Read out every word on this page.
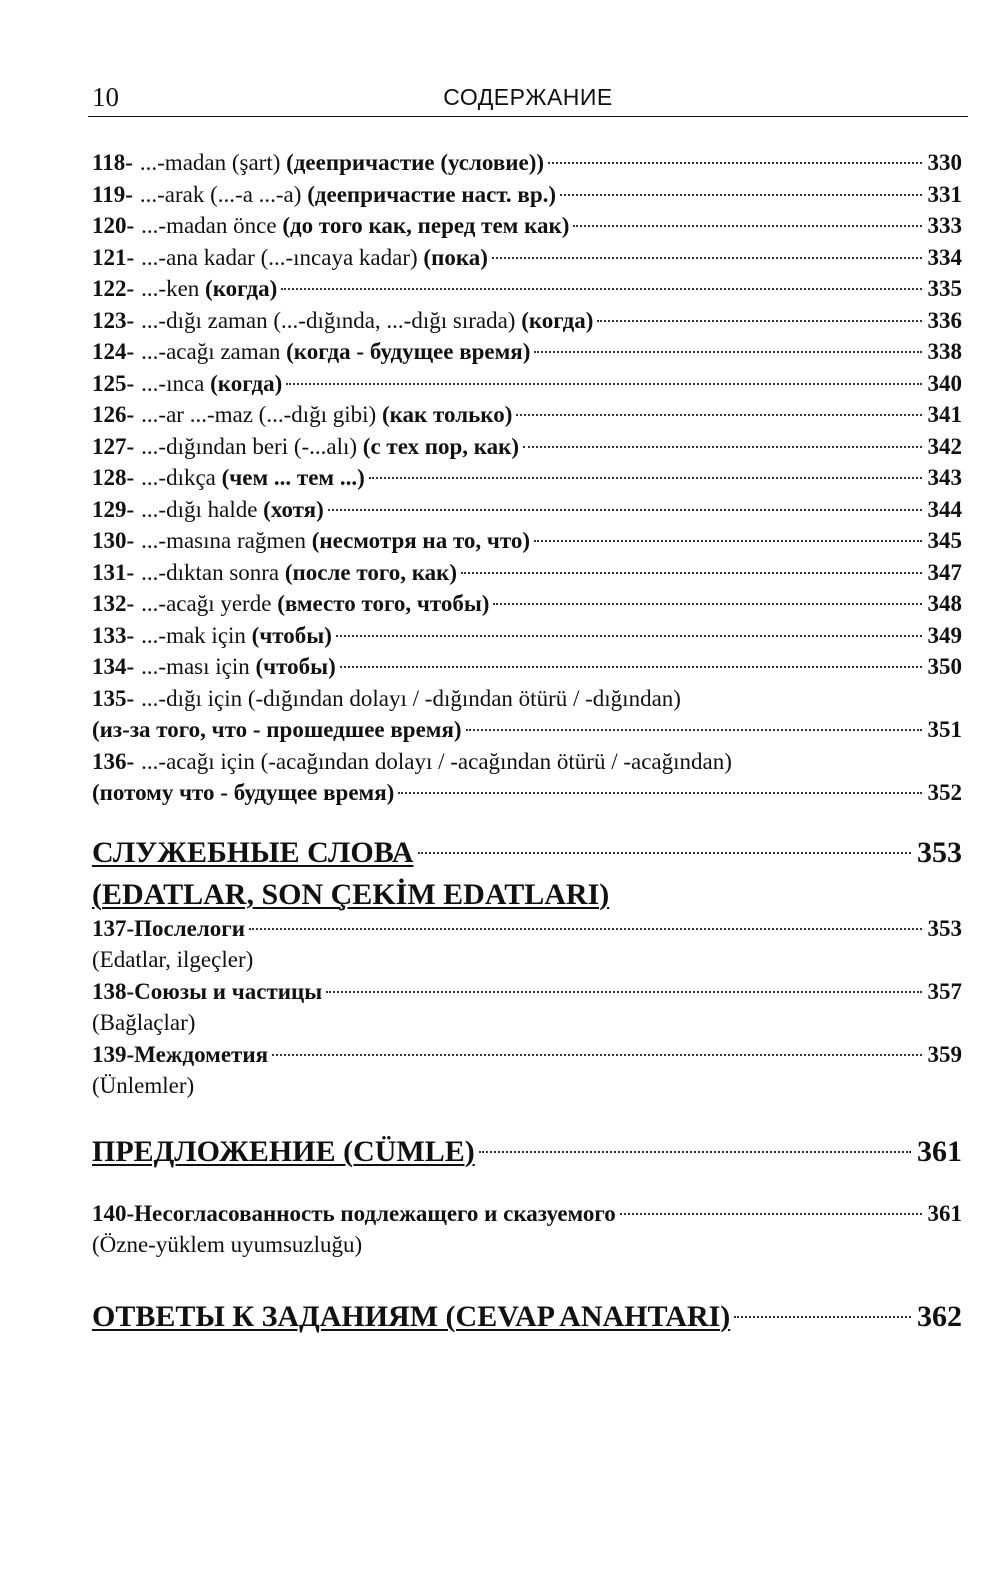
10	СОДЕРЖАНИЕ
118- ...-madan (şart) (деепричастие (условие))	330
119- ...-arak (...-a ...-a) (деепричастие наст. вр.)	331
120- ...-madan önce (до того как, перед тем как)	333
121- ...-ana kadar (...-ıncaya kadar) (пока)	334
122- ...-ken (когда)	335
123- ...-dığı zaman (...-dığında, ...-dığı sırada) (когда)	336
124- ...-acağı zaman (когда - будущее время)	338
125- ...-ınca (когда)	340
126- ...-ar ...-maz (...-dığı gibi) (как только)	341
127- ...-dığından beri (-...alı) (с тех пор, как)	342
128- ...-dıkça (чем ... тем ...)	343
129- ...-dığı halde (хотя)	344
130- ...-masına rağmen (несмотря на то, что)	345
131- ...-dıktan sonra (после того, как)	347
132- ...-acağı yerde (вместо того, чтобы)	348
133- ...-mak için (чтобы)	349
134- ...-ması için (чтобы)	350
135- ...-dığı için (-dığından dolayı / -dığından ötürü / -dığından)
(из-за того, что - прошедшее время)	351
136- ...-acağı için (-acağından dolayı / -acağından ötürü / -acağından)
(потому что - будущее время)	352
СЛУЖЕБНЫЕ СЛОВА	353
(EDATLAR, SON ÇEKİM EDATLARI)
137-Послелоги	353
(Edatlar, ilgeçler)
138-Союзы и частицы	357
(Bağlaçlar)
139-Междометия	359
(Ünlemler)
ПРЕДЛОЖЕНИЕ (CÜMLE)	361
140-Несогласованность подлежащего и сказуемого	361
(Özne-yüklem uyumsuzluğu)
ОТВЕТЫ К ЗАДАНИЯМ (CEVAP ANAHTARI)	362
